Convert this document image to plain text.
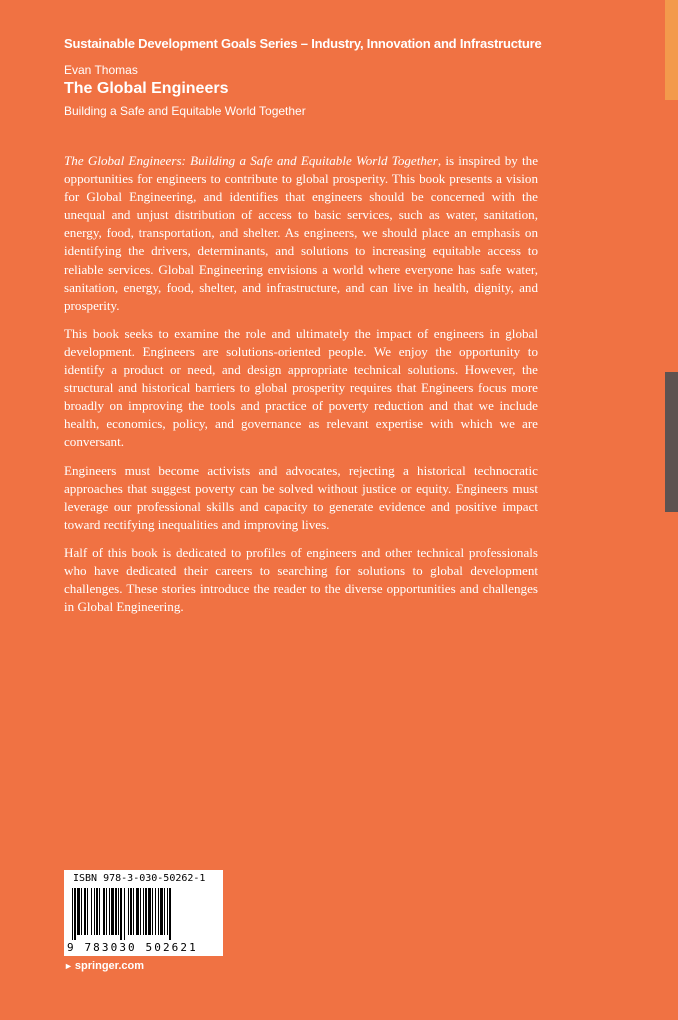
Sustainable Development Goals Series – Industry, Innovation and Infrastructure
Evan Thomas
The Global Engineers
Building a Safe and Equitable World Together

The Global Engineers: Building a Safe and Equitable World Together, is inspired by the opportunities for engineers to contribute to global prosperity. This book presents a vision for Global Engineering, and identifies that engineers should be concerned with the unequal and unjust distribution of access to basic services, such as water, sanitation, energy, food, transportation, and shelter. As engineers, we should place an emphasis on identifying the drivers, determinants, and solutions to increasing equitable access to reliable services. Global Engineering envisions a world where everyone has safe water, sanitation, energy, food, shelter, and infrastructure, and can live in health, dignity, and prosperity.

This book seeks to examine the role and ultimately the impact of engineers in global development. Engineers are solutions-oriented people. We enjoy the opportunity to identify a product or need, and design appropriate technical solutions. However, the structural and historical barriers to global prosperity requires that Engineers focus more broadly on improving the tools and practice of poverty reduction and that we include health, economics, policy, and governance as relevant expertise with which we are conversant.

Engineers must become activists and advocates, rejecting a historical technocratic approaches that suggest poverty can be solved without justice or equity. Engineers must leverage our professional skills and capacity to generate evidence and positive impact toward rectifying inequalities and improving lives.

Half of this book is dedicated to profiles of engineers and other technical professionals who have dedicated their careers to searching for solutions to global development challenges. These stories introduce the reader to the diverse opportunities and challenges in Global Engineering.

ISBN 978-3-030-50262-1
9 783030 502621
► springer.com
